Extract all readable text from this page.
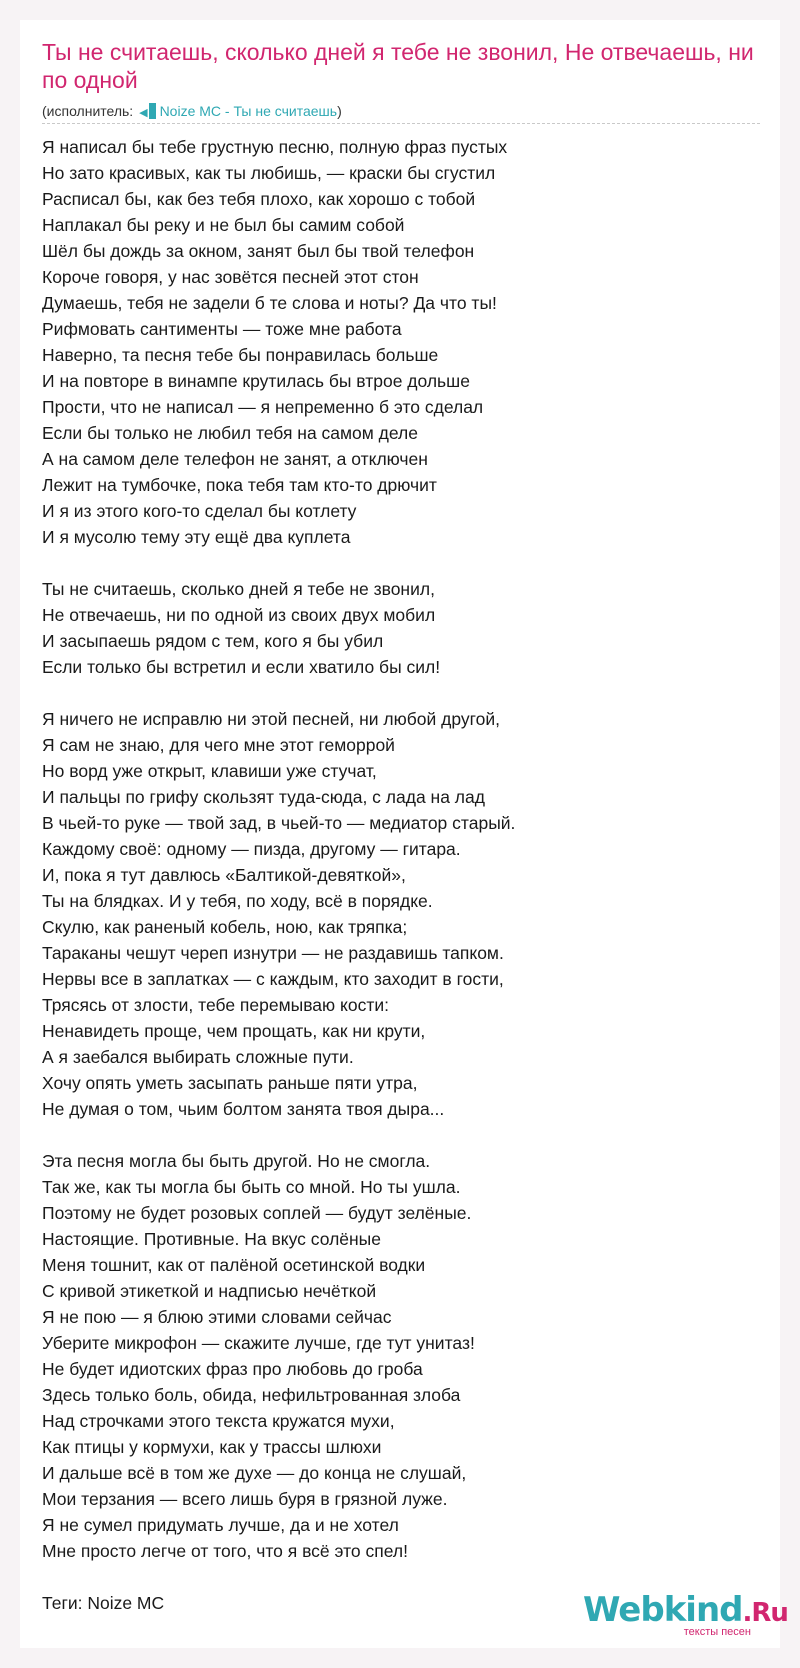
Ты не считаешь, сколько дней я тебе не звонил, Не отвечаешь, ни по одной
(исполнитель: ◀ Noize MC - Ты не считаешь)
Я написал бы тебе грустную песню, полную фраз пустых
Но зато красивых, как ты любишь, — краски бы сгустил
Расписал бы, как без тебя плохо, как хорошо с тобой
Наплакал бы реку и не был бы самим собой
Шёл бы дождь за окном, занят был бы твой телефон
Короче говоря, у нас зовётся песней этот стон
Думаешь, тебя не задели б те слова и ноты? Да что ты!
Рифмовать сантименты — тоже мне работа
Наверно, та песня тебе бы понравилась больше
И на повторе в винампе крутилась бы втрое дольше
Прости, что не написал — я непременно б это сделал
Если бы только не любил тебя на самом деле
А на самом деле телефон не занят, а отключен
Лежит на тумбочке, пока тебя там кто-то дрючит
И я из этого кого-то сделал бы котлету
И я мусолю тему эту ещё два куплета
Ты не считаешь, сколько дней я тебе не звонил,
Не отвечаешь, ни по одной из своих двух мобил
И засыпаешь рядом с тем, кого я бы убил
Если только бы встретил и если хватило бы сил!
Я ничего не исправлю ни этой песней, ни любой другой,
Я сам не знаю, для чего мне этот геморрой
Но ворд уже открыт, клавиши уже стучат,
И пальцы по грифу скользят туда-сюда, с лада на лад
В чьей-то руке — твой зад, в чьей-то — медиатор старый.
Каждому своё: одному — пизда, другому — гитара.
И, пока я тут давлюсь «Балтикой-девяткой»,
Ты на блядках. И у тебя, по ходу, всё в порядке.
Скулю, как раненый кобель, ною, как тряпка;
Тараканы чешут череп изнутри — не раздавишь тапком.
Нервы все в заплатках — с каждым, кто заходит в гости,
Трясясь от злости, тебе перемываю кости:
Ненавидеть проще, чем прощать, как ни крути,
А я заебался выбирать сложные пути.
Хочу опять уметь засыпать раньше пяти утра,
Не думая о том, чьим болтом занята твоя дыра...
Эта песня могла бы быть другой. Но не смогла.
Так же, как ты могла бы быть со мной. Но ты ушла.
Поэтому не будет розовых соплей — будут зелёные.
Настоящие. Противные. На вкус солёные
Меня тошнит, как от палёной осетинской водки
С кривой этикеткой и надписью нечёткой
Я не пою — я блюю этими словами сейчас
Уберите микрофон — скажите лучше, где тут унитаз!
Не будет идиотских фраз про любовь до гроба
Здесь только боль, обида, нефильтрованная злоба
Над строчками этого текста кружатся мухи,
Как птицы у кормухи, как у трассы шлюхи
И дальше всё в том же духе — до конца не слушай,
Мои терзания — всего лишь буря в грязной луже.
Я не сумел придумать лучше, да и не хотел
Мне просто легче от того, что я всё это спел!
Теги: Noize MC	Webkind.Ru
тексты песен
